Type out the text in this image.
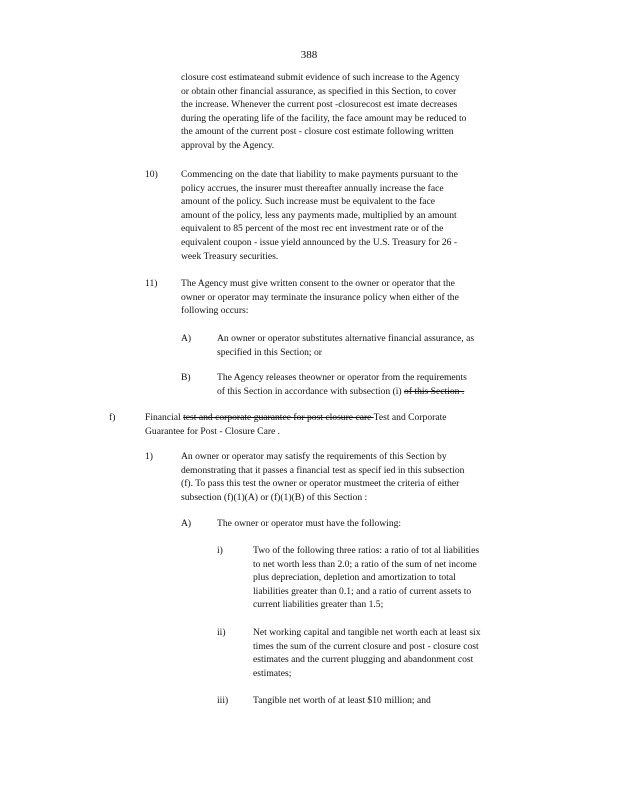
388
closure cost estimateand submit evidence of such increase to the Agency
or obtain other financial assurance, as specified in this Section, to cover
the increase. Whenever the current post -closurecost est imate decreases
during the operating life of the facility, the face amount may be reduced to
the amount of the current post - closure cost estimate following written
approval by the Agency.
10) Commencing on the date that liability to make payments pursuant to the
policy accrues, the insurer must thereafter annually increase the face
amount of the policy. Such increase must be equivalent to the face
amount of the policy, less any payments made, multiplied by an amount
equivalent to 85 percent of the most rec ent investment rate or of the
equivalent coupon - issue yield announced by the U.S. Treasury for 26 -
week Treasury securities.
11) The Agency must give written consent to the owner or operator that the
owner or operator may terminate the insurance policy when either of the
following occurs:
A)	An owner or operator substitutes alternative financial assurance, as
specified in this Section; or
B)	The Agency releases theowner or operator from the requirements
of this Section in accordance with subsection (i) of this Section .
f)	Financial test and corporate guarantee for post closure care Test and Corporate
Guarantee for Post - Closure Care .
1)	An owner or operator may satisfy the requirements of this Section by
demonstrating that it passes a financial test as specif ied in this subsection
(f). To pass this test the owner or operator mustmeet the criteria of either
subsection (f)(1)(A) or (f)(1)(B) of this Section :
A)	The owner or operator must have the following:
i)	Two of the following three ratios: a ratio of tot al liabilities
to net worth less than 2.0; a ratio of the sum of net income
plus depreciation, depletion and amortization to total
liabilities greater than 0.1; and a ratio of current assets to
current liabilities greater than 1.5;
ii)	Net working capital and tangible net worth each at least six
times the sum of the current closure and post - closure cost
estimates and the current plugging and abandonment cost
estimates;
iii)	Tangible net worth of at least $10 million; and
